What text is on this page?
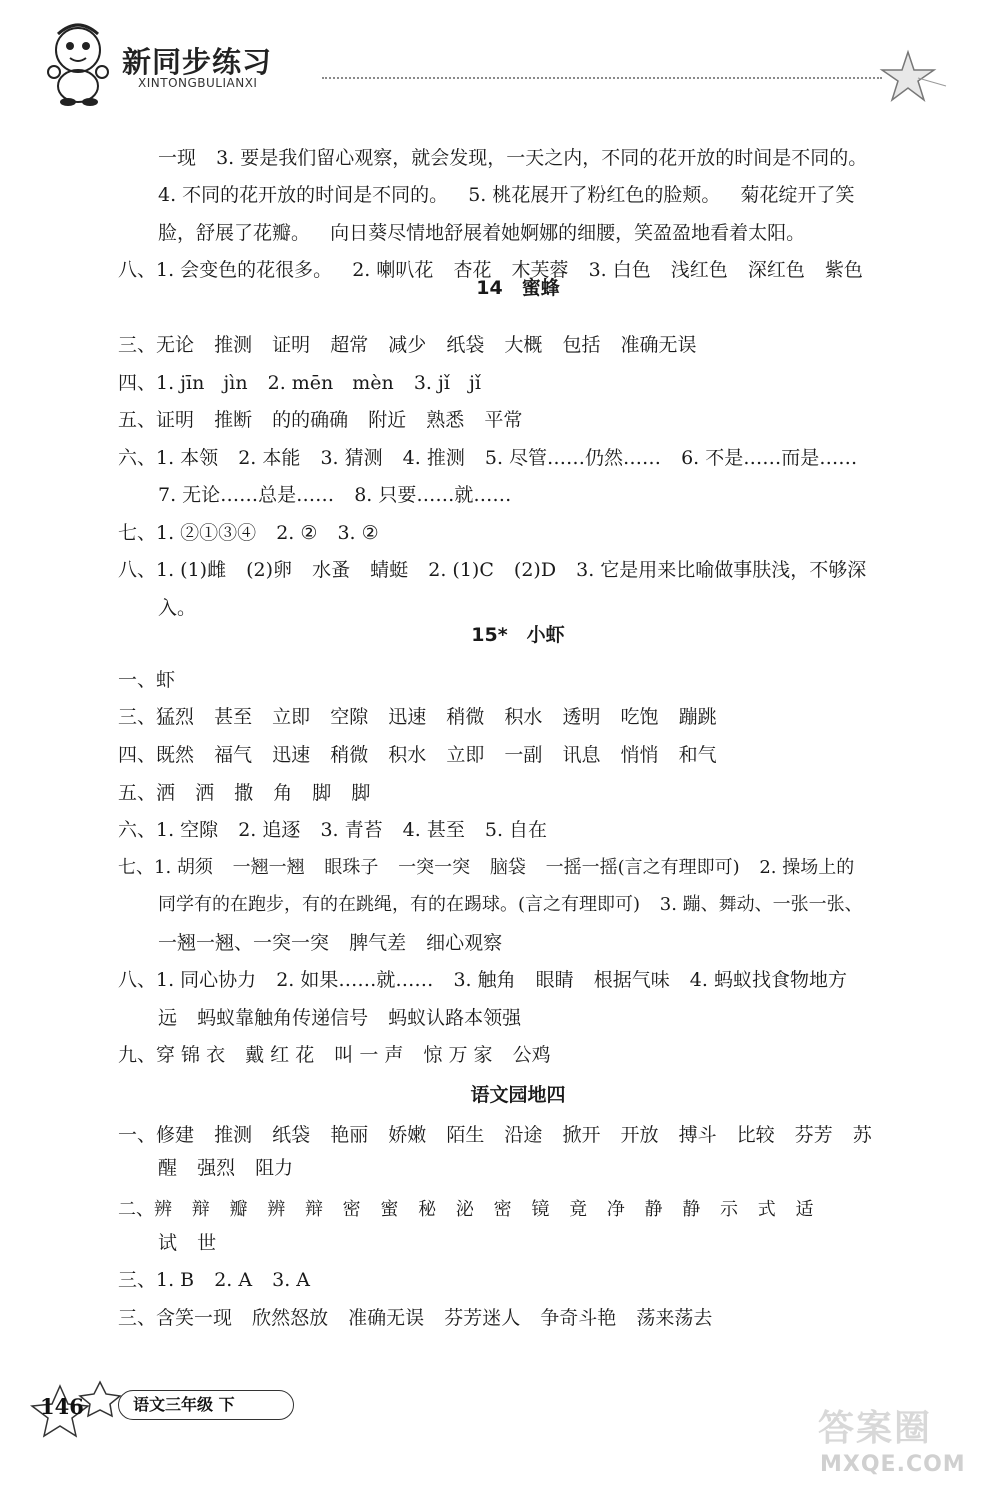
新同步练习
XINTONGBULIANXI
一现 3. 要是我们留心观察，就会发现，一天之内，不同的花开放的时间是不同的。
4. 不同的花开放的时间是不同的。 5. 桃花展开了粉红色的脸颊。 菊花绽开了笑
脸，舒展了花瓣。 向日葵尽情地舒展着她婀娜的细腰，笑盈盈地看着太阳。
八、1. 会变色的花很多。 2. 喇叭花 杏花 木芙蓉 3. 白色 浅红色 深红色 紫色
14　蜜蜂
三、无论 推测 证明 超常 减少 纸袋 大概 包括 准确无误
四、1. jīn　jìn 2. mēn　mèn 3. jǐ　jǐ
五、证明 推断 的的确确 附近 熟悉 平常
六、1. 本领 2. 本能 3. 猜测 4. 推测 5. 尽管……仍然…… 6. 不是……而是……
7. 无论……总是…… 8. 只要……就……
七、1. ②①③④ 2. ② 3. ②
八、1. (1)雌 (2)卵 水蚤 蜻蜓 2. (1)C (2)D 3. 它是用来比喻做事肤浅，不够深
入。
15*　小虾
一、虾
三、猛烈 甚至 立即 空隙 迅速 稍微 积水 透明 吃饱 蹦跳
四、既然 福气 迅速 稍微 积水 立即 一副 讯息 悄悄 和气
五、洒 洒 撒 角 脚 脚
六、1. 空隙 2. 追逐 3. 青苔 4. 甚至 5. 自在
七、1. 胡须 一翘一翘 眼珠子 一突一突 脑袋 一摇一摇(言之有理即可) 2. 操场上的
同学有的在跑步，有的在跳绳，有的在踢球。(言之有理即可) 3. 蹦、舞动、一张一张、
一翘一翘、一突一突 脾气差 细心观察
八、1. 同心协力 2. 如果……就…… 3. 触角 眼睛 根据气味 4. 蚂蚁找食物地方
远 蚂蚁靠触角传递信号 蚂蚁认路本领强
九、穿 锦 衣 戴 红 花 叫 一 声 惊 万 家 公鸡
语文园地四
一、修建 推测 纸袋 艳丽 娇嫩 陌生 沿途 掀开 开放 搏斗 比较 芬芳 苏
醒 强烈 阻力
二、辨 辩 瓣 辨 辩 密 蜜 秘 泌 密 镜 竟 净 静 静 示 式 适
试 世
三、1. B 2. A 3. A
三、含笑一现 欣然怒放 准确无误 芬芳迷人 争奇斗艳 荡来荡去
146	语文三年级 下
答案圈
MXQE.COM
